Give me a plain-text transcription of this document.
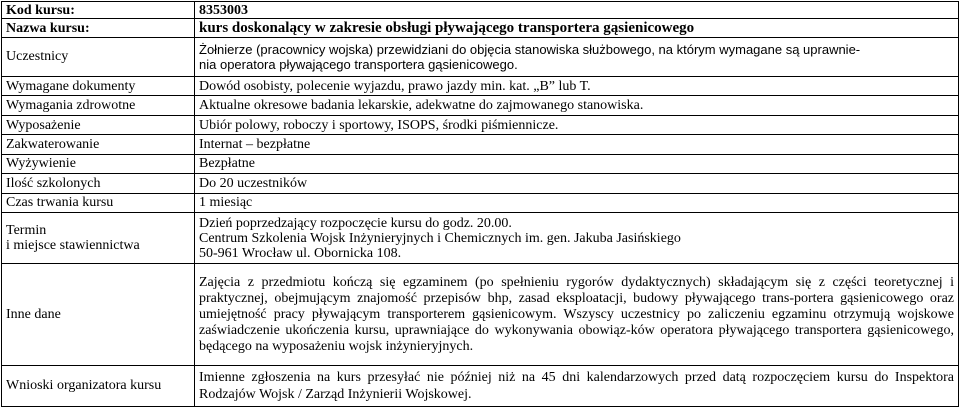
Kod kursu:	8353003
Nazwa kursu:	kurs doskonalący w zakresie obsługi pływającego transportera gąsienicowego
Uczestnicy	Żołnierze (pracownicy wojska) przewidziani do objęcia stanowiska służbowego, na którym wymagane są uprawnie-
nia operatora pływającego transportera gąsienicowego.
Wymagane dokumenty	Dowód osobisty, polecenie wyjazdu, prawo jazdy min. kat. „B” lub T.
Wymagania zdrowotne	Aktualne okresowe badania lekarskie, adekwatne do zajmowanego stanowiska.
Wyposażenie	Ubiór polowy, roboczy i sportowy, ISOPS, środki piśmiennicze.
Zakwaterowanie	Internat – bezpłatne
Wyżywienie	Bezpłatne
Ilość szkolonych	Do 20 uczestników
Czas trwania kursu	1 miesiąc
Termin
i miejsce stawiennictwa	Dzień poprzedzający rozpoczęcie kursu do godz. 20.00.
Centrum Szkolenia Wojsk Inżynieryjnych i Chemicznych im. gen. Jakuba Jasińskiego
50-961 Wrocław ul. Obornicka 108.

Inne dane	Zajęcia z przedmiotu kończą się egzaminem (po spełnieniu rygorów dydaktycznych) składającym się z części teoretycznej i praktycznej, obejmującym znajomość przepisów bhp, zasad eksploatacji, budowy pływającego trans-portera gąsienicowego oraz umiejętność pracy pływającym transporterem gąsienicowym. Wszyscy uczestnicy po zaliczeniu egzaminu otrzymują wojskowe zaświadczenie ukończenia kursu, uprawniające do wykonywania obowiąz-ków operatora pływającego transportera gąsienicowego, będącego na wyposażeniu wojsk inżynieryjnych.
Wnioski organizatora kursu	Imienne zgłoszenia na kurs przesyłać nie później niż na 45 dni kalendarzowych przed datą rozpoczęciem kursu do Inspektora Rodzajów Wojsk / Zarząd Inżynierii Wojskowej.
